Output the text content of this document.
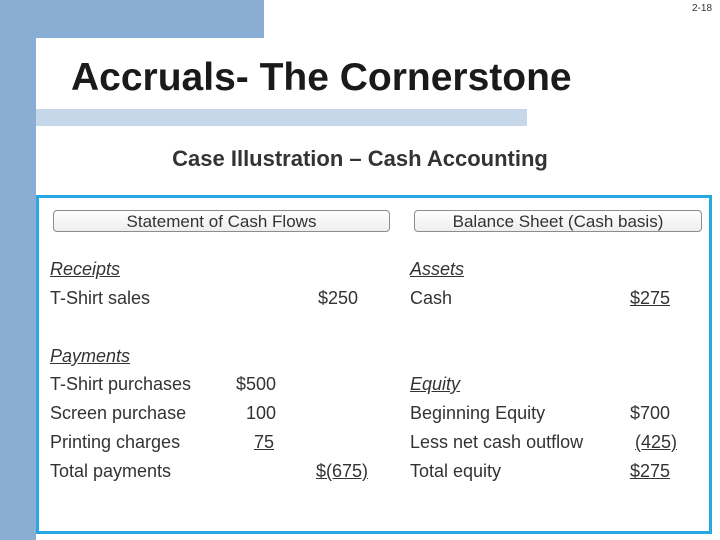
2-18
Accruals- The Cornerstone
Case Illustration – Cash Accounting
Statement of Cash Flows
Receipts
T-Shirt sales	$250
Payments
T-Shirt purchases	$500
Screen purchase	100
Printing charges	75
Total payments	$(675)
Balance Sheet (Cash basis)
Assets
Cash	$275
Equity
Beginning Equity	$700
Less net cash outflow	(425)
Total equity	$275
